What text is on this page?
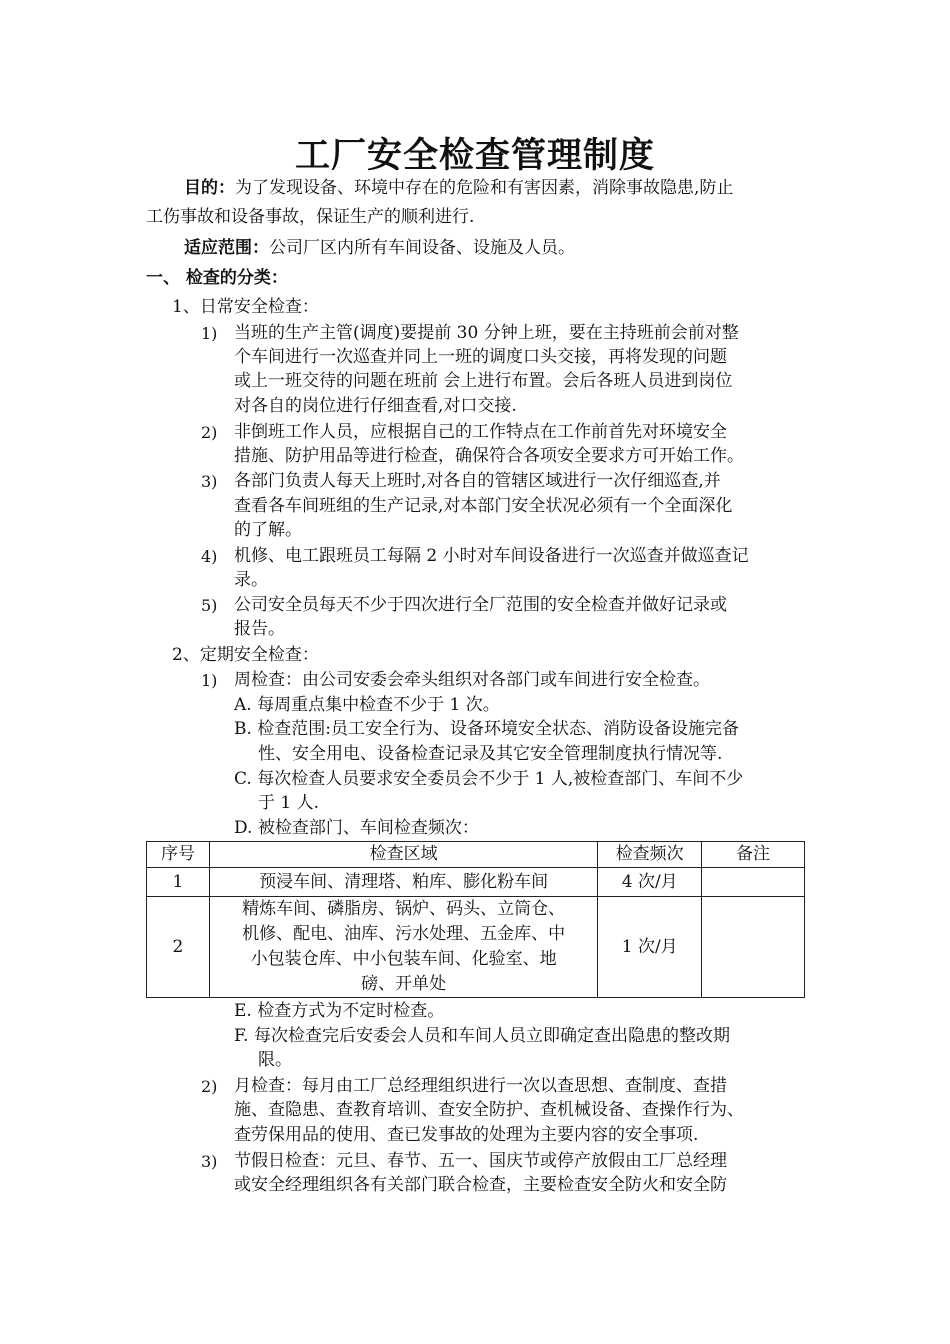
工厂安全检查管理制度
目的：为了发现设备、环境中存在的危险和有害因素，消除事故隐患,防止
工伤事故和设备事故，保证生产的顺利进行.
适应范围：公司厂区内所有车间设备、设施及人员。
一、 检查的分类：
1、日常安全检查：
1) 当班的生产主管(调度)要提前 30 分钟上班，要在主持班前会前对整
个车间进行一次巡查并同上一班的调度口头交接，再将发现的问题
或上一班交待的问题在班前 会上进行布置。会后各班人员进到岗位
对各自的岗位进行仔细查看,对口交接.
2) 非倒班工作人员，应根据自己的工作特点在工作前首先对环境安全
措施、防护用品等进行检查，确保符合各项安全要求方可开始工作。
3) 各部门负责人每天上班时,对各自的管辖区域进行一次仔细巡查,并
查看各车间班组的生产记录,对本部门安全状况必须有一个全面深化
的了解。
4) 机修、电工跟班员工每隔 2 小时对车间设备进行一次巡查并做巡查记
录。
5) 公司安全员每天不少于四次进行全厂范围的安全检查并做好记录或
报告。
2、定期安全检查：
1) 周检查：由公司安委会牵头组织对各部门或车间进行安全检查。
A. 每周重点集中检查不少于 1 次。
B. 检查范围:员工安全行为、设备环境安全状态、消防设备设施完备
性、安全用电、设备检查记录及其它安全管理制度执行情况等.
C. 每次检查人员要求安全委员会不少于 1 人,被检查部门、车间不少
于 1 人.
D. 被检查部门、车间检查频次：
序号	检查区域	检查频次	备注
1	预浸车间、清理塔、粕库、膨化粉车间	4 次/月	
2	精炼车间、磷脂房、锅炉、码头、立筒仓、
机修、配电、油库、污水处理、五金库、中
小包装仓库、中小包装车间、化验室、地
磅、开单处	1 次/月	
E. 检查方式为不定时检查。
F. 每次检查完后安委会人员和车间人员立即确定查出隐患的整改期
限。
2) 月检查：每月由工厂总经理组织进行一次以查思想、查制度、查措
施、查隐患、查教育培训、查安全防护、查机械设备、查操作行为、
查劳保用品的使用、查已发事故的处理为主要内容的安全事项.
3) 节假日检查：元旦、春节、五一、国庆节或停产放假由工厂总经理
或安全经理组织各有关部门联合检查，主要检查安全防火和安全防
